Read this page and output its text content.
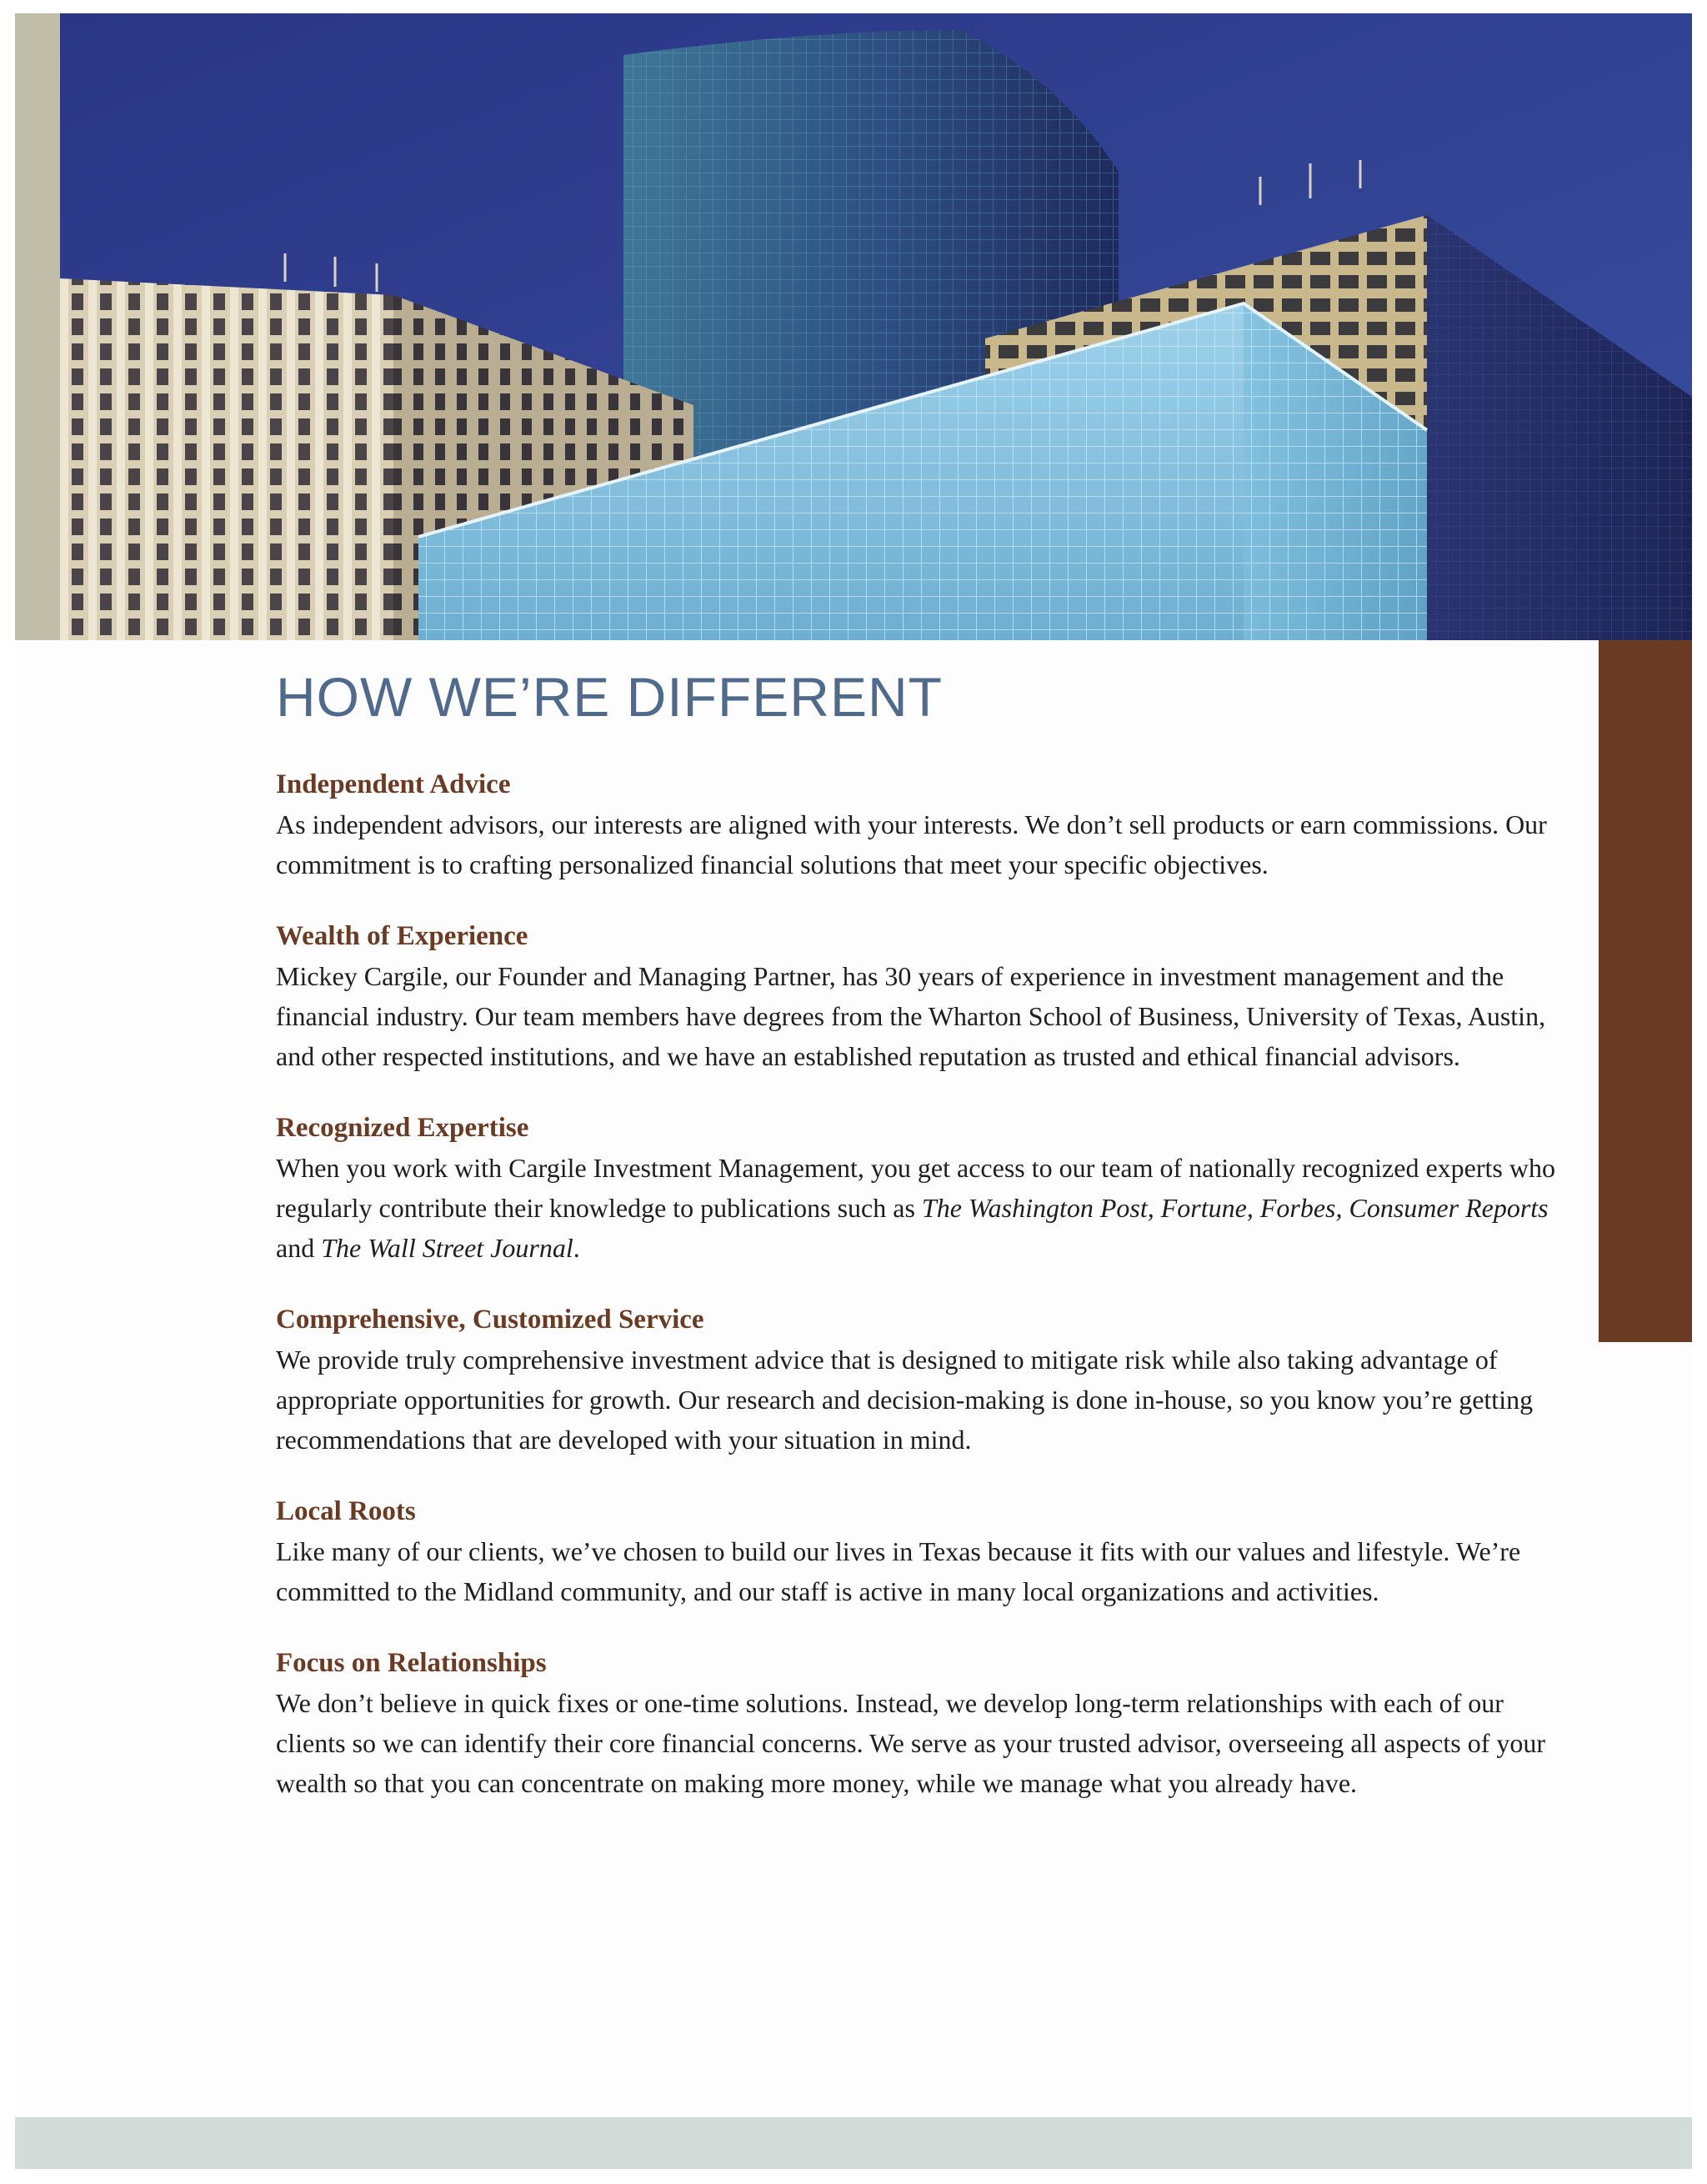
HOW WE’RE DIFFERENT

Independent Advice

As independent advisors, our interests are aligned with your interests. We don’t sell products or earn commissions. Our commitment is to crafting personalized financial solutions that meet your specific objectives.

Wealth of Experience

Mickey Cargile, our Founder and Managing Partner, has 30 years of experience in investment management and the financial industry. Our team members have degrees from the Wharton School of Business, University of Texas, Austin, and other respected institutions, and we have an established reputation as trusted and ethical financial advisors.

Recognized Expertise

When you work with Cargile Investment Management, you get access to our team of nationally recognized experts who regularly contribute their knowledge to publications such as The Washington Post, Fortune, Forbes, Consumer Reports and The Wall Street Journal.

Comprehensive, Customized Service

We provide truly comprehensive investment advice that is designed to mitigate risk while also taking advantage of appropriate opportunities for growth. Our research and decision-making is done in-house, so you know you’re getting recommendations that are developed with your situation in mind.

Local Roots

Like many of our clients, we’ve chosen to build our lives in Texas because it fits with our values and lifestyle. We’re committed to the Midland community, and our staff is active in many local organizations and activities.

Focus on Relationships

We don’t believe in quick fixes or one-time solutions. Instead, we develop long-term relationships with each of our clients so we can identify their core financial concerns. We serve as your trusted advisor, overseeing all aspects of your wealth so that you can concentrate on making more money, while we manage what you already have.
